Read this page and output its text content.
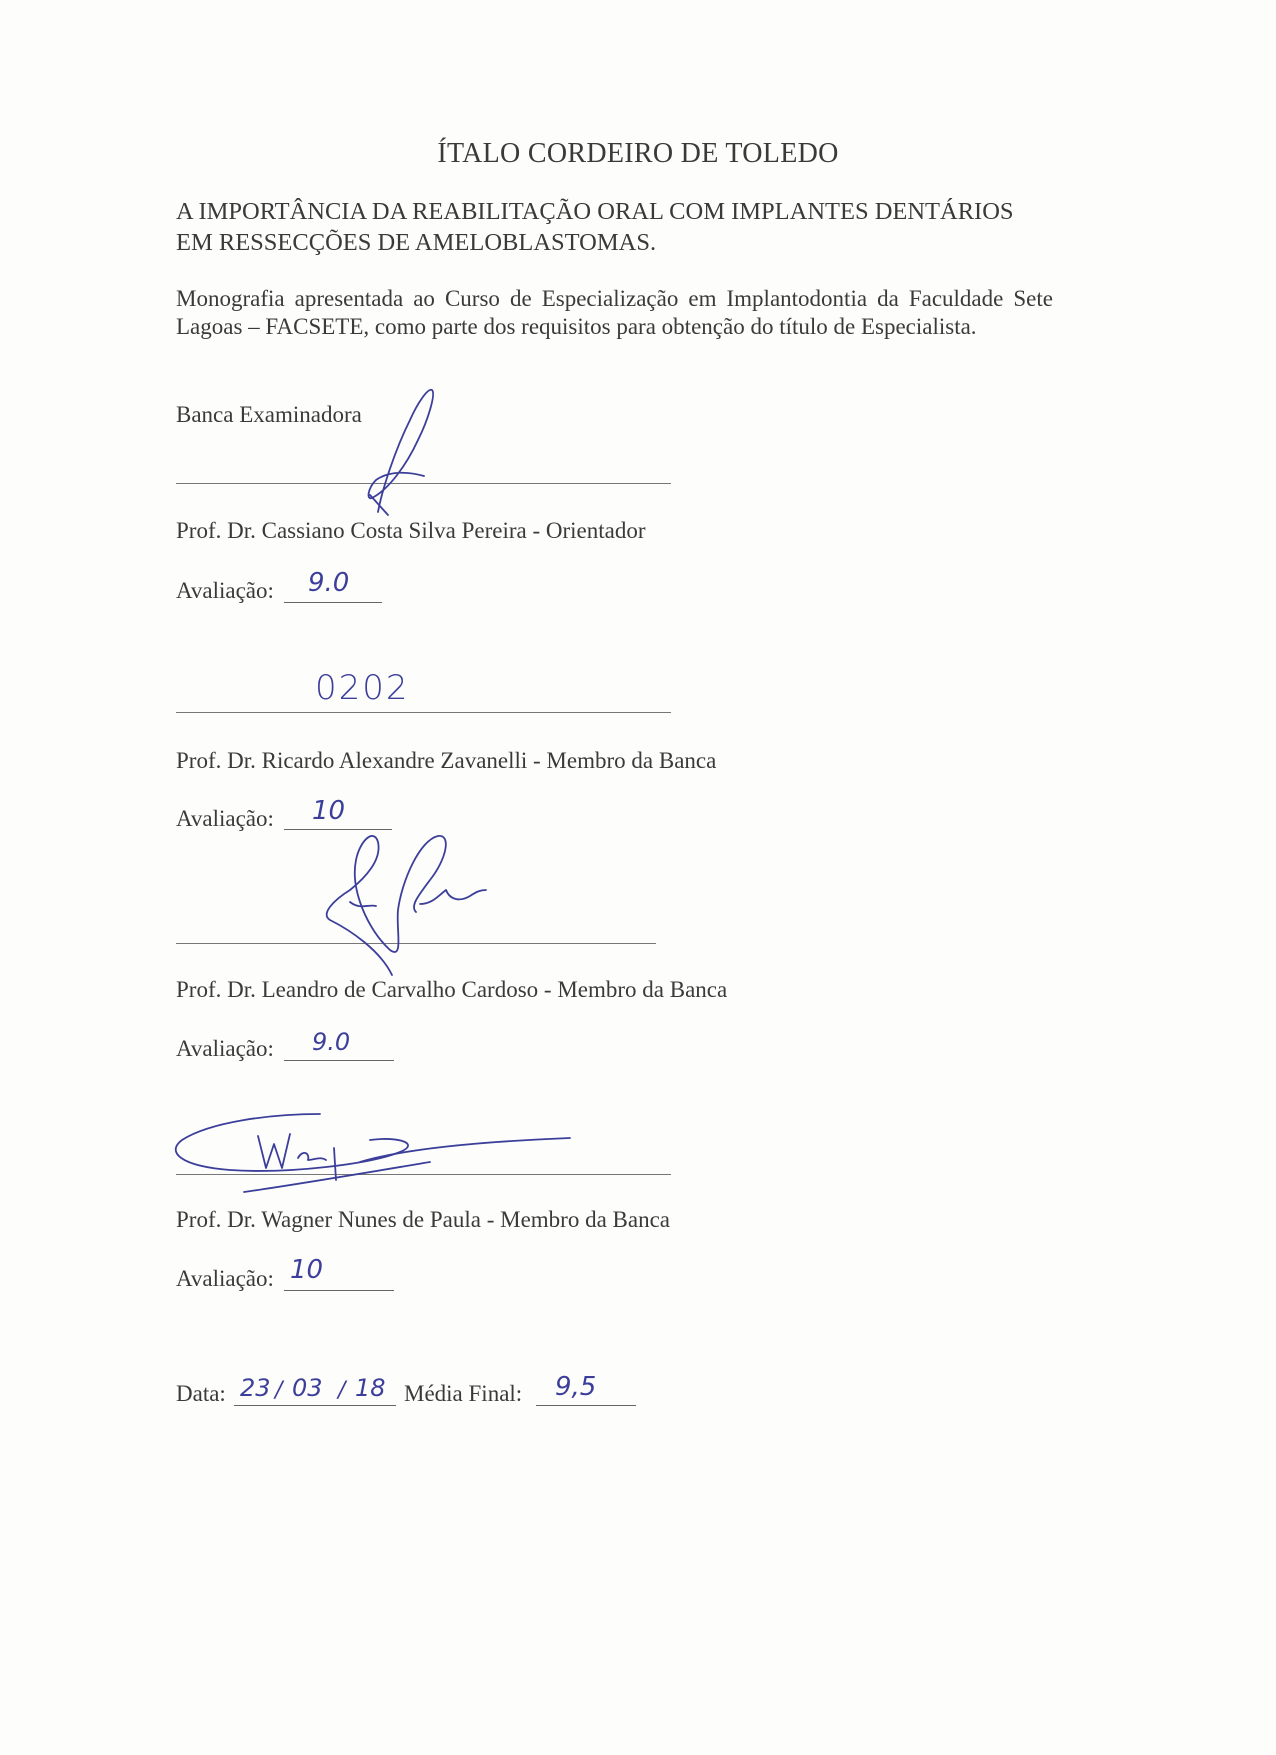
ÍTALO CORDEIRO DE TOLEDO
A IMPORTÂNCIA DA REABILITAÇÃO ORAL COM IMPLANTES DENTÁRIOS EM RESSECÇÕES DE AMELOBLASTOMAS.
Monografia apresentada ao Curso de Especialização em Implantodontia da Faculdade Sete Lagoas – FACSETE, como parte dos requisitos para obtenção do título de Especialista.
Banca Examinadora
Prof. Dr. Cassiano Costa Silva Pereira - Orientador
Avaliação: 9.0
0202
Prof. Dr. Ricardo Alexandre Zavanelli - Membro da Banca
Avaliação: 10
Prof. Dr. Leandro de Carvalho Cardoso - Membro da Banca
Avaliação: 9.0
Prof. Dr. Wagner Nunes de Paula - Membro da Banca
Avaliação: 10
Data: 23 / 03 / 18 Média Final: 9,5
